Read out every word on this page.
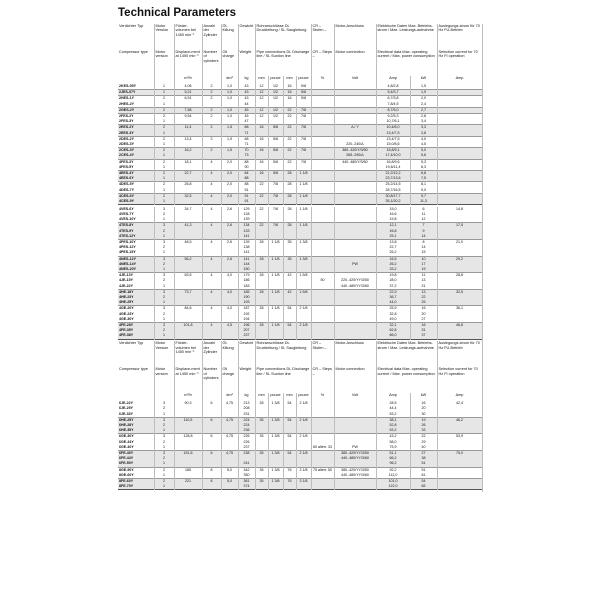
Technical Parameters
Verdichter Typ	Motor Version	Förder-volumen bei 1450 min⁻¹	Anzahl der Zylinder	Öl-füllung	Gewicht	Rohranschlüsse DL Druckleitung / SL Saugleitung				CR – Stufen –	Motor-Anschluss	Elektrische Daten Max. Betriebs-strom / Max. Leistungs-aufnahme		Auslegungs-strom für 70 Hz FU-Betrieb
Compressor type	Motor version	Displace-ment at 1450 min⁻¹	Number of cylinders	Oil charge	Weight	Pipe connections DL Discharge line / SL Suction line				CR – Steps –	Motor connection	Electrical data Max. operating current / Max. power consumption		Selection current for 70 Hz FI operation
		m³/h		dm³	kg	mm	pouce	mm	pouce	%	Volt	Amp	kW	Amp
2KES-05Y	1	4,06	2	1,0	43	12	1/2	16	5/8			4,8/2,8	1,5	
2JES-07Y	1	5,21	2	1,0	43	12	1/2	16	5/8			5,4/3,7	1,9	
2HES-1Y	2	6,51	2	1,0	43	12	1/2	16	5/8			6,7/3,8	2,0	
2HES-2Y	1				44							7,8/4,5	2,4	
2GES-2Y	2	7,58	2	1,0	45	12	1/2	22	7/8			8,7/5,0	2,7	
2FES-2Y	2	9,54	2	1,0	45	12	1/2	22	7/8			9,2/5,3	2,8	
2FES-3Y	1				47							10,7/6,1	3,4	
2EES-2Y	2	11,4	2	1,5	68	16	5/8	22	7/8		Δ / Y	10,4/6,0	3,3	
2EES-3Y	1				71							13,4/7,5	3,8	
2DES-2Y	2	13,4	2	1,5	68	16	5/8	22	7/8			13,4/7,5	4,0	
2DES-3Y	1				71						220..240/Δ	15,0/8,6	4,5	
2CES-3Y	2	16,2	2	1,5	70	16	5/8	22	7/8		380..420/Y/3/50	15,8/9,1	5,0	
2CES-4Y	1				73						265..290/Δ	17,4/10,0	5,6	
4FES-3Y	2	18,1	4	2,0	88	16	5/8	22	7/8		440..480/Y/3/60	16,8/9,6	5,3	
4FES-5Y	1				90							19,8/11,4	6,3	
4EES-4Y	2	22,7	4	2,0	84	16	5/8	28	1 1/8			21,2/12,2	6,8	
4EES-6Y	1				88							23,7/13,6	7,5	
4DES-5Y	2	26,8	4	2,0	88	22	7/8	28	1 1/8			25,2/14,5	8,1	
4DES-7Y	1				91							28,7/16,5	9,0	
4CES-6Y	2	32,5	4	2,0	91	22	7/8	28	1 1/8			30,8/17,7	9,7	
4CES-9Y	1				91							35,1/20,2	11,3	

4VES-6Y	3	34,7	4	2,6	129	22	7/8	28	1 1/8			15,0	6	14,8
4VES-7Y	2				128							16,6	11	
4VES-10Y	1				139							19,8	12	
4TES-8Y	3	41,3	4	2,6	134	22	7/8	28	1 1/8			12,1	7	17,5
4TES-9Y	2				133							16,8	9	
4TES-12Y	1				141							25,1	14	
4PES-10Y	3	48,5	4	2,6	139	28	1 1/8	35	1 3/8			13,8	8	21,0
4PES-12Y	2				138							22,7	14	
4PES-15Y	1				141							26,2	15	
4NES-12Y	3	56,2	4	2,6	141	28	1 1/8	35	1 3/8			16,5	10	25,2
4NES-14Y	2				144						PW	26,2	17	
4NES-20Y	1				150							33,2	19	
4JE-13Y	3	63,5	4	4,0	179	28	1 1/8	42	1 5/8			19,8	11	28,8
4JE-15Y	2				186					50	220..420/YY/3/50	28,0	13	
4JE-22Y	1				183						440..480/YY/3/60	37,2	21	
4HE-18Y	3	73,7	4	4,0	185	28	1 1/8	42	1 5/8			22,9	13	32,5
4HE-23Y	2				190							36,7	22	
4HE-25Y	1				193							44,0	25	
4GE-20Y	3	84,6	4	4,0	187	28	1 1/8	54	2 1/8			25,9	16	36,1
4GE-23Y	2				192							32,8	20	
4GE-30Y	1				194							49,0	27	
4FE-28Y	3	101,8	4	4,5	196	28	1 1/8	54	2 1/8			32,1	16	46,8
4FE-35Y	2				207							62,8	31	
4FE-38Y	1				237							66,0	37	

Verdichter Typ	Motor Version	Förder-volumen bei 1450 min⁻¹	Anzahl der Zylinder	Öl-füllung	Gewicht	Rohranschlüsse DL Druckleitung / SL Saugleitung				CR – Stufen –	Motor-Anschluss	Elektrische Daten Max. Betriebs-strom / Max. Leistungs-aufnahme		Auslegungs-strom für 70 Hz FU-Betrieb
Compressor type	Motor version	Displace-ment at 1450 min⁻¹	Number of cylinders	Oil charge	Weight	Pipe connections DL Discharge line / SL Suction line				CR – Steps –	Motor connection	Electrical data Max. operating current / Max. power consumption		Selection current for 70 Hz FI operation
		m³/h		dm³	kg	mm	pouce	mm	pouce	%	Volt	Amp	kW	Amp
6JE-22Y	3	90,3	6	4,75	213	28	1 3/8	54	2 1/8			28,5	16	42,4
6JE-25Y	2				208							44,4	20	
6JE-33Y	1				231							53,2	30	
6HE-25Y	3	110,5	6	4,75	224	35	1 3/8	54	2 1/8			38,1	19	46,2
6HE-28Y	2				224							52,8	26	
6HE-35Y	1				236							53,2	33	
6GE-30Y	3	128,8	6	4,75	226	35	1 3/8	54	2 1/8			43,2	22	53,9
6GE-34Y	2				226							58,0	29	
6GE-40Y	1				237					60 alterr. 33	PW	75,9	40	
6FE-40Y	3	151,6	6	4,75	238	35	1 3/8	54	2 1/8		380..420/YY/3/50	51,1	27	75,0
6FE-44Y	2										440..480/YY/3/60	66,2	38	
6FE-50Y	1				241							96,2	51	
8GE-50Y	2	185	8	5,0	342	35	1 3/8	76	3 1/8	75 alterr. 50	380..420/YY/3/50	92,2	51	
8GE-60Y	1				350						440..480/YY/3/60	112,0	61	
8FE-60Y	2	221	8	5,0	361	35	1 3/8	76	3 1/8			101,0	54	
8FE-70Y	1				374							122,0	65	
